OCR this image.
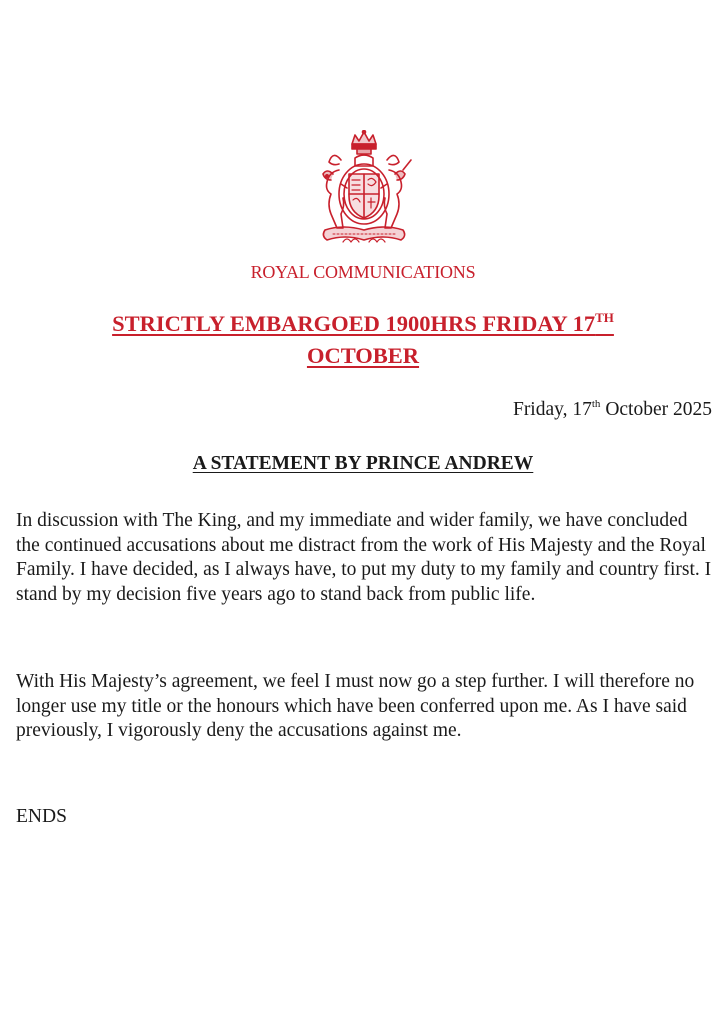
ROYAL COMMUNICATIONS
STRICTLY EMBARGOED 1900HRS FRIDAY 17TH
OCTOBER
Friday, 17th October 2025
A STATEMENT BY PRINCE ANDREW
In discussion with The King, and my immediate and wider family, we have concluded the continued accusations about me distract from the work of His Majesty and the Royal Family. I have decided, as I always have, to put my duty to my family and country first. I stand by my decision five years ago to stand back from public life.
With His Majesty’s agreement, we feel I must now go a step further. I will therefore no longer use my title or the honours which have been conferred upon me. As I have said previously, I vigorously deny the accusations against me.
ENDS
